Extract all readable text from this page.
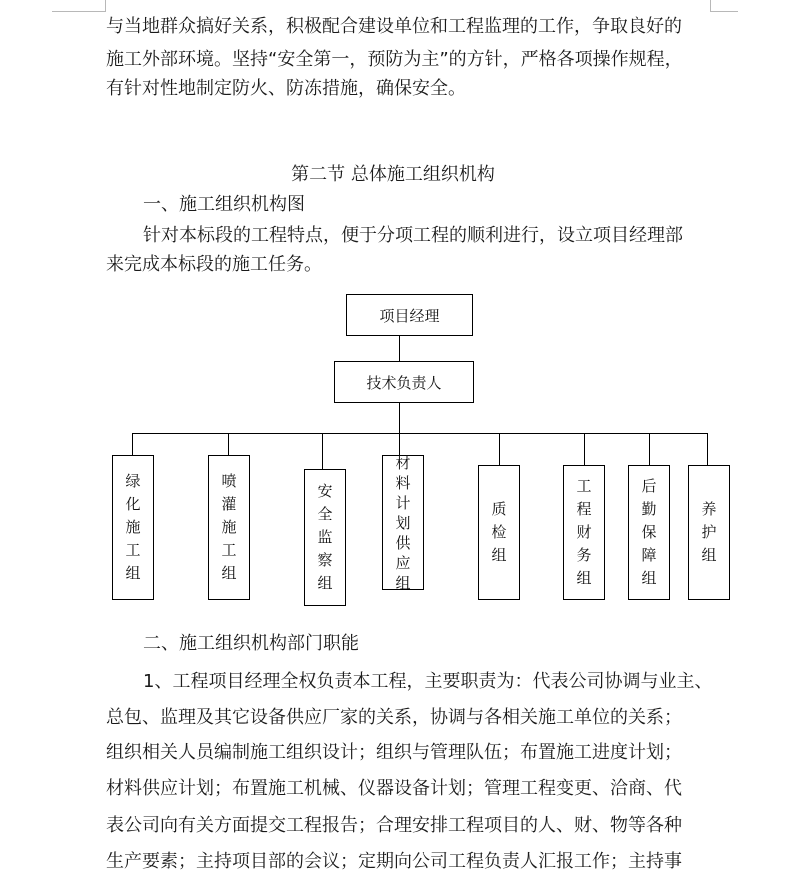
与当地群众搞好关系，积极配合建设单位和工程监理的工作，争取良好的
施工外部环境。坚持“安全第一，预防为主”的方针，严格各项操作规程，
有针对性地制定防火、防冻措施，确保安全。
第二节 总体施工组织机构
一、施工组织机构图
针对本标段的工程特点，便于分项工程的顺利进行，设立项目经理部
来完成本标段的施工任务。
项目经理
技术负责人
绿
化
施
工
组
喷
灌
施
工
组
安
全
监
察
组
材
料
计
划
供
应
组
质
检
组
工
程
财
务
组
后
勤
保
障
组
养
护
组
二、施工组织机构部门职能
1、工程项目经理全权负责本工程，主要职责为：代表公司协调与业主、
总包、监理及其它设备供应厂家的关系，协调与各相关施工单位的关系；
组织相关人员编制施工组织设计；组织与管理队伍；布置施工进度计划；
材料供应计划；布置施工机械、仪器设备计划；管理工程变更、洽商、代
表公司向有关方面提交工程报告；合理安排工程项目的人、财、物等各种
生产要素；主持项目部的会议；定期向公司工程负责人汇报工作；主持事
